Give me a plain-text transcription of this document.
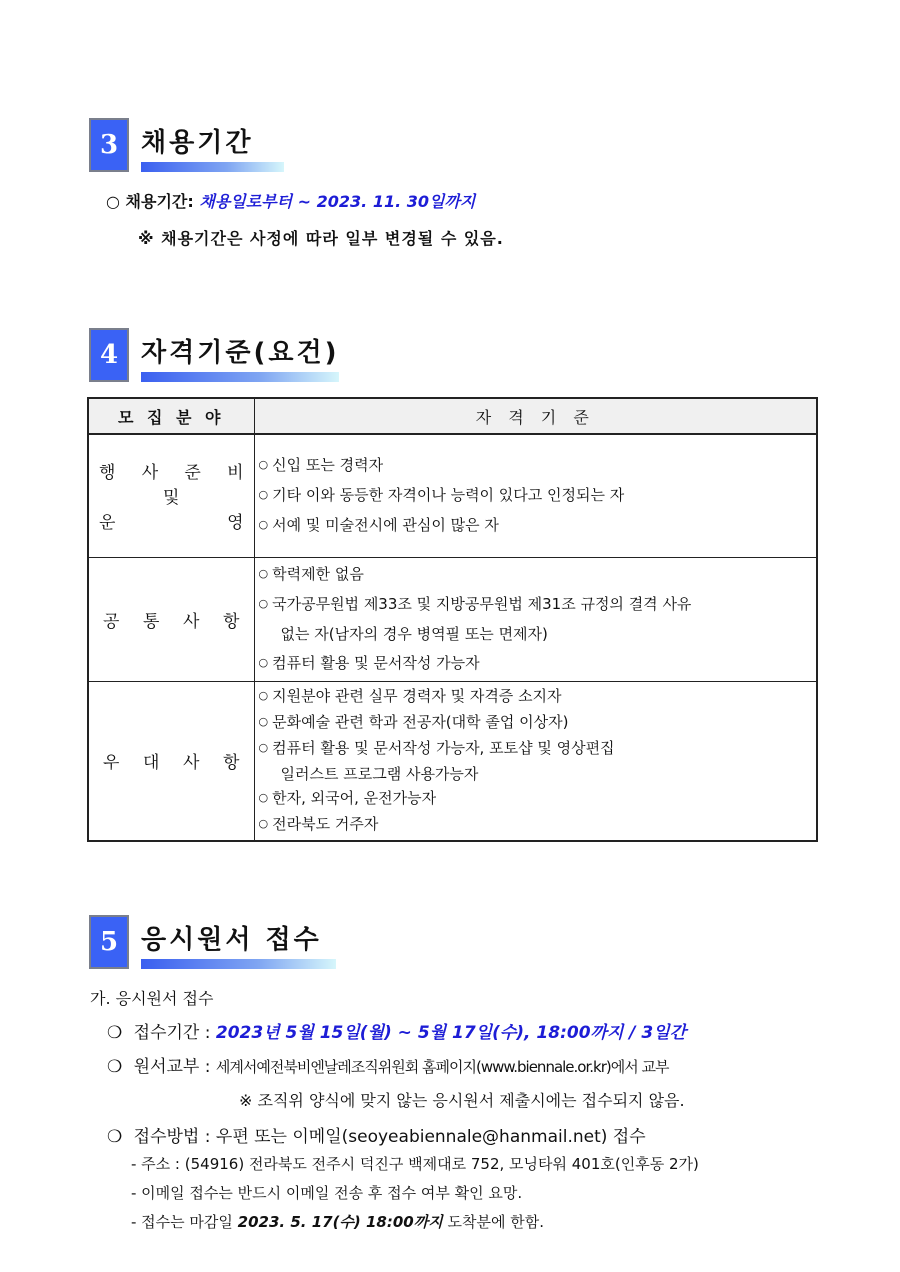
3 채용기간
○ 채용기간: 채용일로부터 ~ 2023. 11. 30일까지
※ 채용기간은 사정에 따라 일부 변경될 수 있음.
4 자격기준(요건)
모 집 분 야	자 격 기 준

행 사 준 비
및
운	영

○ 신입 또는 경력자
○ 기타 이와 동등한 자격이나 능력이 있다고 인정되는 자
○ 서예 및 미술전시에 관심이 많은 자

공 통 사 항

○ 학력제한 없음
○ 국가공무원법 제33조 및 지방공무원법 제31조 규정의 결격 사유
없는 자(남자의 경우 병역필 또는 면제자)
○ 컴퓨터 활용 및 문서작성 가능자

우 대 사 항

○ 지원분야 관련 실무 경력자 및 자격증 소지자
○ 문화예술 관련 학과 전공자(대학 졸업 이상자)
○ 컴퓨터 활용 및 문서작성 가능자, 포토샵 및 영상편집
일러스트 프로그램 사용가능자
○ 한자, 외국어, 운전가능자
○ 전라북도 거주자
5 응시원서 접수
가. 응시원서 접수
❍ 접수기간 : 2023년 5월 15일(월) ~ 5월 17일(수), 18:00까지 / 3일간
❍ 원서교부 : 세계서예전북비엔날레조직위원회 홈페이지(www.biennale.or.kr)에서 교부
※ 조직위 양식에 맞지 않는 응시원서 제출시에는 접수되지 않음.
❍ 접수방법 : 우편 또는 이메일(seoyeabiennale@hanmail.net) 접수
- 주소 : (54916) 전라북도 전주시 덕진구 백제대로 752, 모닝타워 401호(인후동 2가)
- 이메일 접수는 반드시 이메일 전송 후 접수 여부 확인 요망.
- 접수는 마감일 2023. 5. 17(수) 18:00까지 도착분에 한함.
